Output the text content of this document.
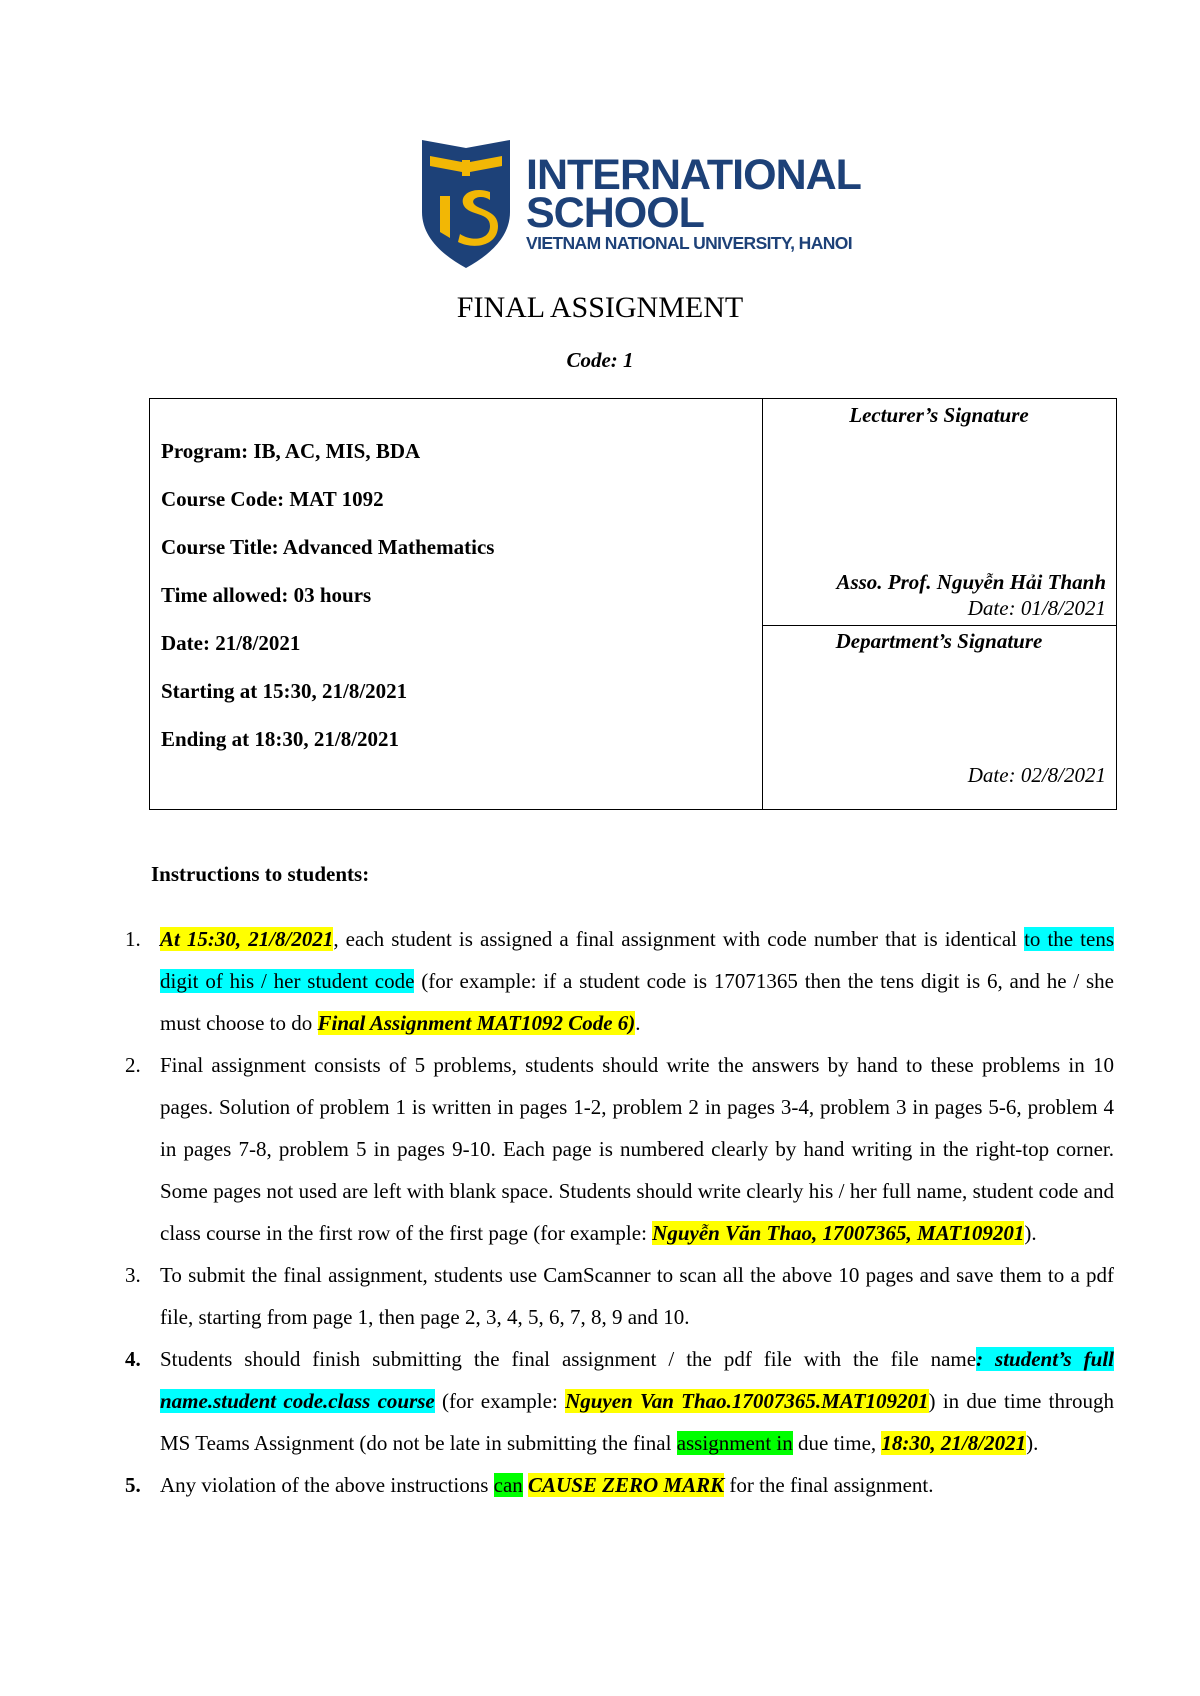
INTERNATIONAL
SCHOOL
VIETNAM NATIONAL UNIVERSITY, HANOI
FINAL ASSIGNMENT
Code: 1
Program: IB, AC, MIS, BDA
Course Code: MAT 1092
Course Title: Advanced Mathematics
Time allowed: 03 hours
Date: 21/8/2021
Starting at 15:30, 21/8/2021
Ending at 18:30, 21/8/2021
Lecturer’s Signature
Asso. Prof. Nguyễn Hải Thanh
Date: 01/8/2021
Department’s Signature
Date: 02/8/2021
Instructions to students:
1. At 15:30, 21/8/2021, each student is assigned a final assignment with code number that is identical to the tens digit of his / her student code (for example: if a student code is 17071365 then the tens digit is 6, and he / she must choose to do Final Assignment MAT1092 Code 6).
2. Final assignment consists of 5 problems, students should write the answers by hand to these problems in 10 pages. Solution of problem 1 is written in pages 1-2, problem 2 in pages 3-4, problem 3 in pages 5-6, problem 4 in pages 7-8, problem 5 in pages 9-10. Each page is numbered clearly by hand writing in the right-top corner. Some pages not used are left with blank space. Students should write clearly his / her full name, student code and class course in the first row of the first page (for example: Nguyễn Văn Thao, 17007365, MAT109201).
3. To submit the final assignment, students use CamScanner to scan all the above 10 pages and save them to a pdf file, starting from page 1, then page 2, 3, 4, 5, 6, 7, 8, 9 and 10.
4. Students should finish submitting the final assignment / the pdf file with the file name: student’s full name.student code.class course (for example: Nguyen Van Thao.17007365.MAT109201) in due time through MS Teams Assignment (do not be late in submitting the final assignment in due time, 18:30, 21/8/2021).
5. Any violation of the above instructions can CAUSE ZERO MARK for the final assignment.
